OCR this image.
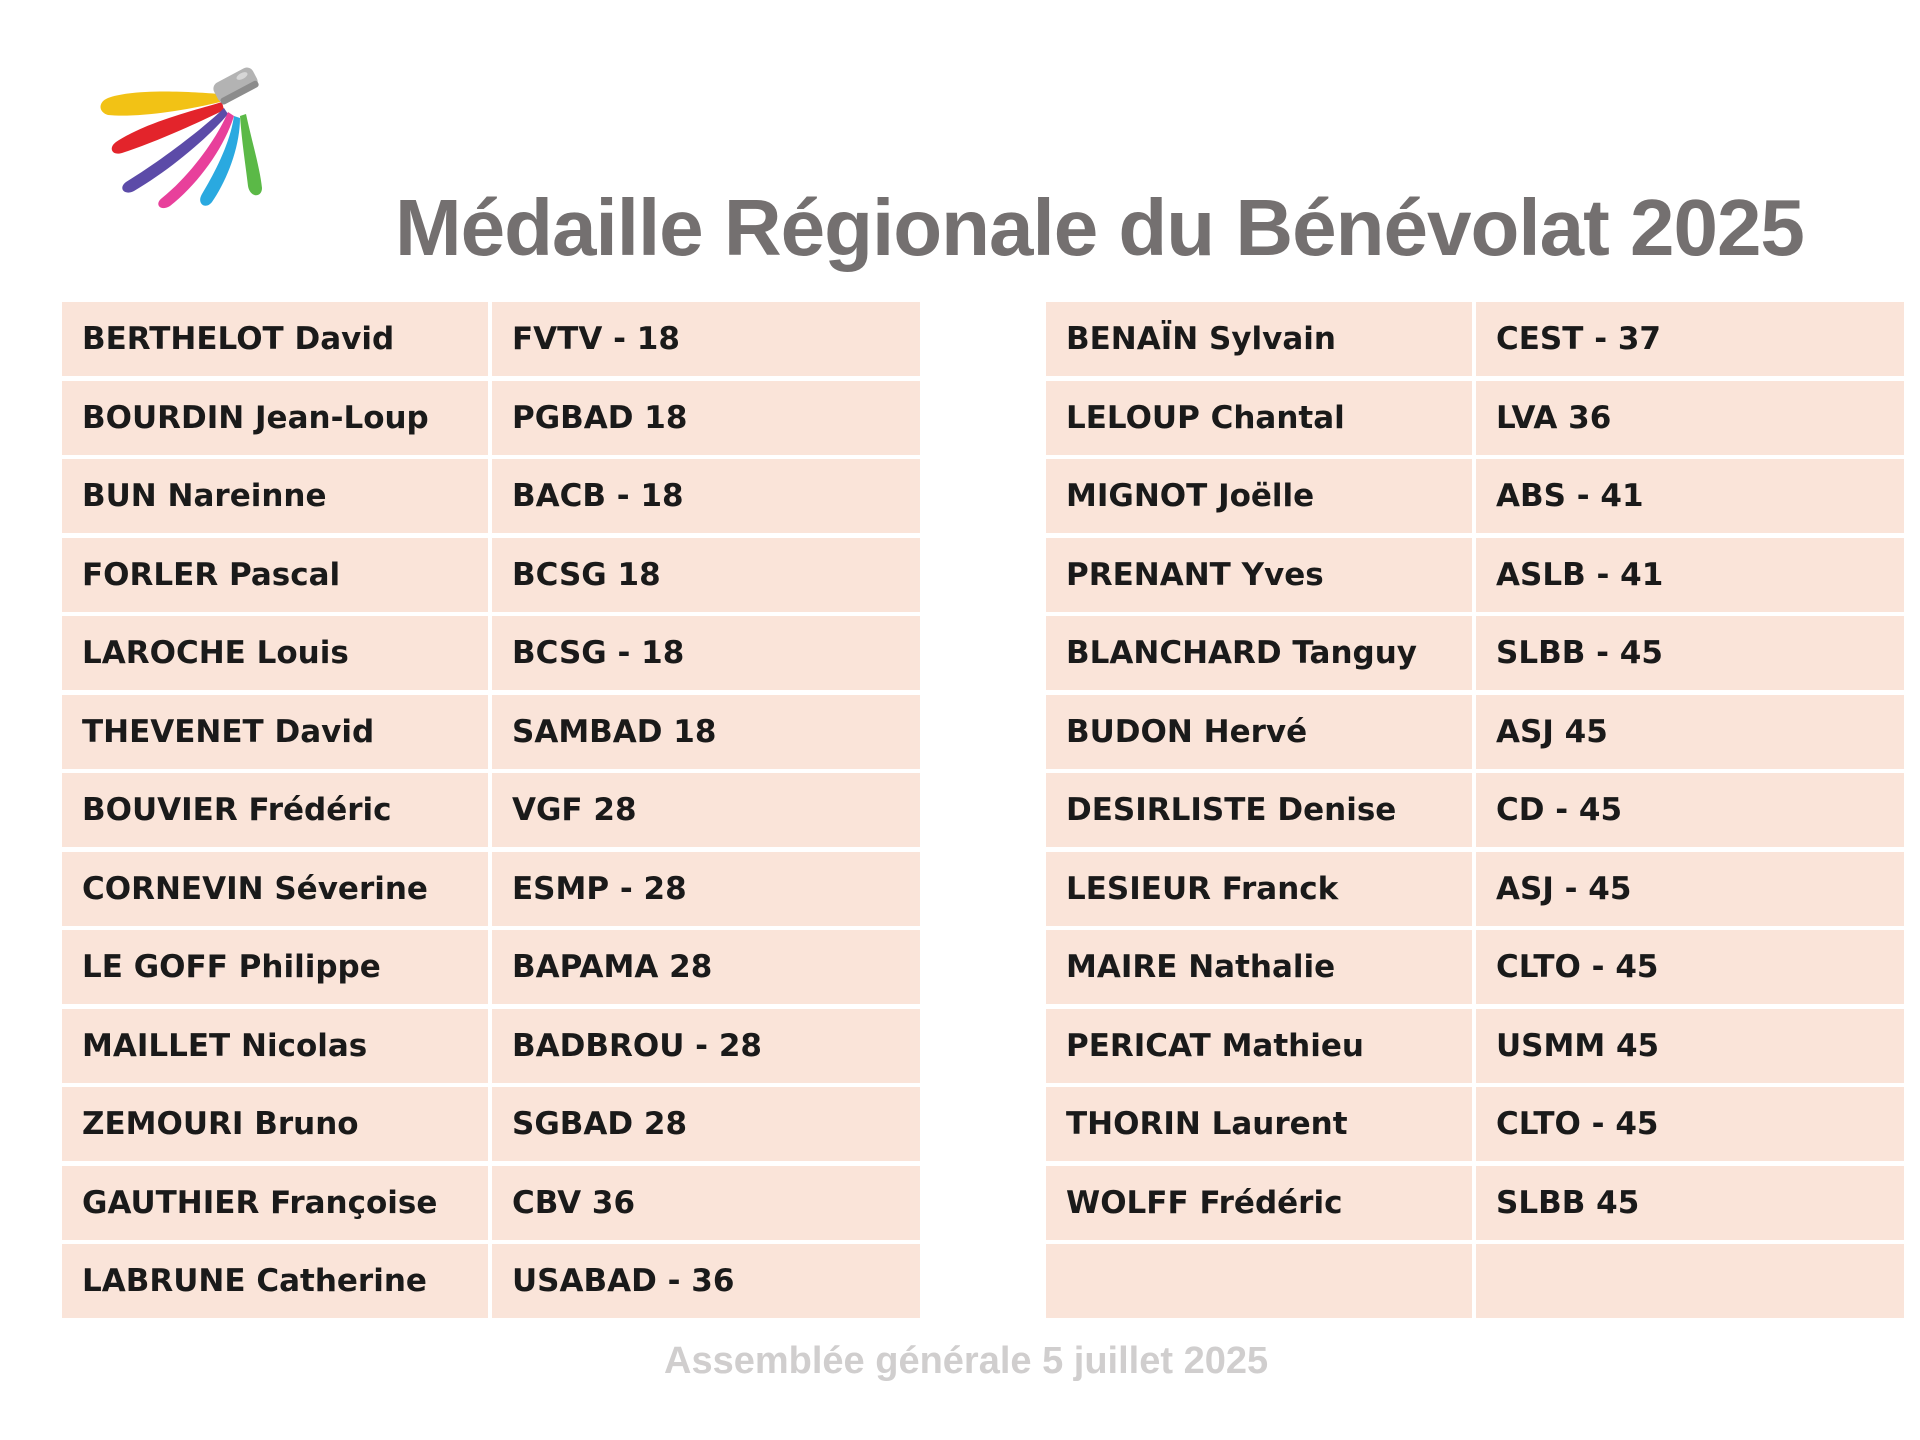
Médaille Régionale du Bénévolat 2025
BERTHELOT David	FVTV - 18
BOURDIN Jean-Loup	PGBAD 18
BUN Nareinne	BACB - 18
FORLER Pascal	BCSG 18
LAROCHE Louis	BCSG - 18
THEVENET David	SAMBAD 18
BOUVIER Frédéric	VGF 28
CORNEVIN Séverine	ESMP - 28
LE GOFF Philippe	BAPAMA 28
MAILLET Nicolas	BADBROU - 28
ZEMOURI Bruno	SGBAD 28
GAUTHIER Françoise	CBV 36
LABRUNE Catherine	USABAD - 36
BENAÏN Sylvain	CEST - 37
LELOUP Chantal	LVA 36
MIGNOT Joëlle	ABS - 41
PRENANT Yves	ASLB - 41
BLANCHARD Tanguy	SLBB - 45
BUDON Hervé	ASJ 45
DESIRLISTE Denise	CD - 45
LESIEUR Franck	ASJ - 45
MAIRE Nathalie	CLTO - 45
PERICAT Mathieu	USMM 45
THORIN Laurent	CLTO - 45
WOLFF Frédéric	SLBB 45
Assemblée générale 5 juillet 2025
